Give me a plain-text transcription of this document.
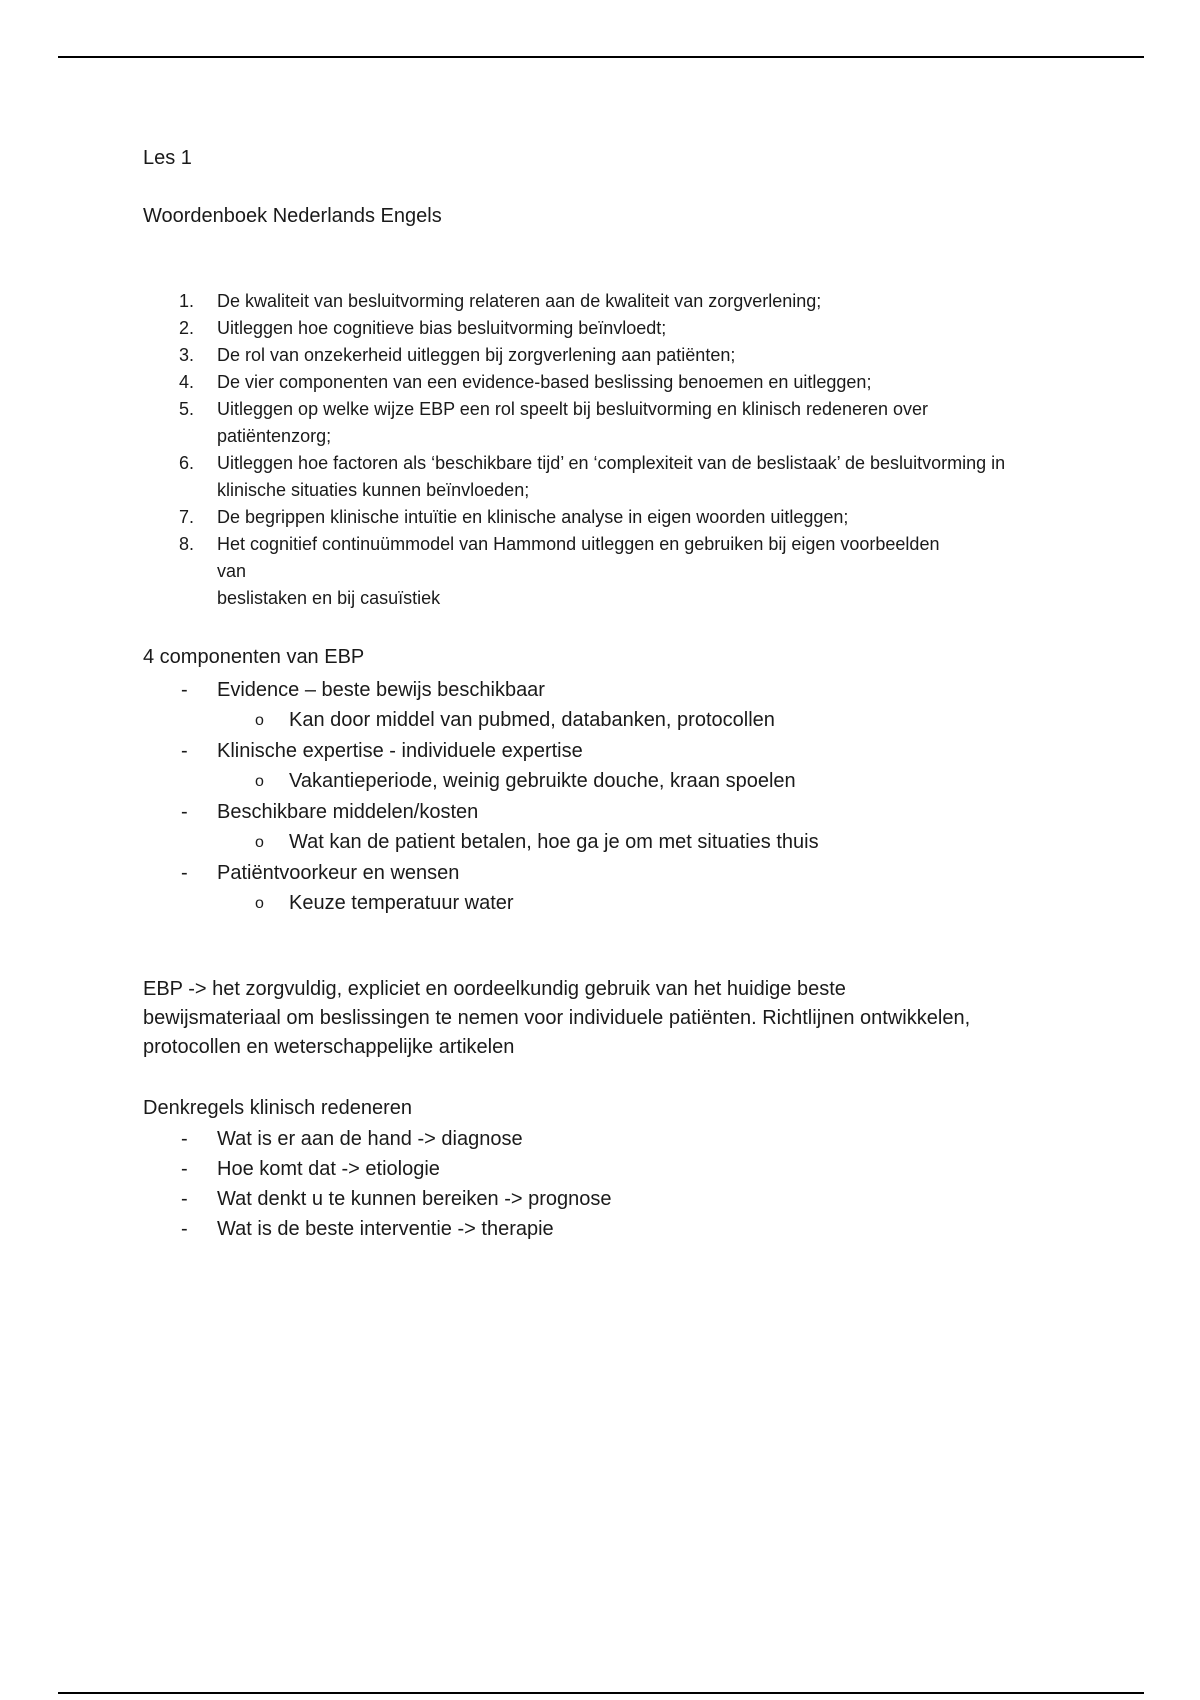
Les 1
Woordenboek Nederlands Engels
1. De kwaliteit van besluitvorming relateren aan de kwaliteit van zorgverlening;
2. Uitleggen hoe cognitieve bias besluitvorming beïnvloedt;
3. De rol van onzekerheid uitleggen bij zorgverlening aan patiënten;
4. De vier componenten van een evidence-based beslissing benoemen en uitleggen;
5. Uitleggen op welke wijze EBP een rol speelt bij besluitvorming en klinisch redeneren over patiëntenzorg;
6. Uitleggen hoe factoren als ‘beschikbare tijd’ en ‘complexiteit van de beslistaak’ de besluitvorming in klinische situaties kunnen beïnvloeden;
7. De begrippen klinische intuïtie en klinische analyse in eigen woorden uitleggen;
8. Het cognitief continuümmodel van Hammond uitleggen en gebruiken bij eigen voorbeelden
van
beslistaken en bij casuïstiek
4 componenten van EBP
- Evidence – beste bewijs beschikbaar
o Kan door middel van pubmed, databanken, protocollen
- Klinische expertise - individuele expertise
o Vakantieperiode, weinig gebruikte douche, kraan spoelen
- Beschikbare middelen/kosten
o Wat kan de patient betalen, hoe ga je om met situaties thuis
- Patiëntvoorkeur en wensen
o Keuze temperatuur water
EBP -> het zorgvuldig, expliciet en oordeelkundig gebruik van het huidige beste bewijsmateriaal om beslissingen te nemen voor individuele patiënten. Richtlijnen ontwikkelen, protocollen en weterschappelijke artikelen
Denkregels klinisch redeneren
- Wat is er aan de hand -> diagnose
- Hoe komt dat -> etiologie
- Wat denkt u te kunnen bereiken -> prognose
- Wat is de beste interventie -> therapie
